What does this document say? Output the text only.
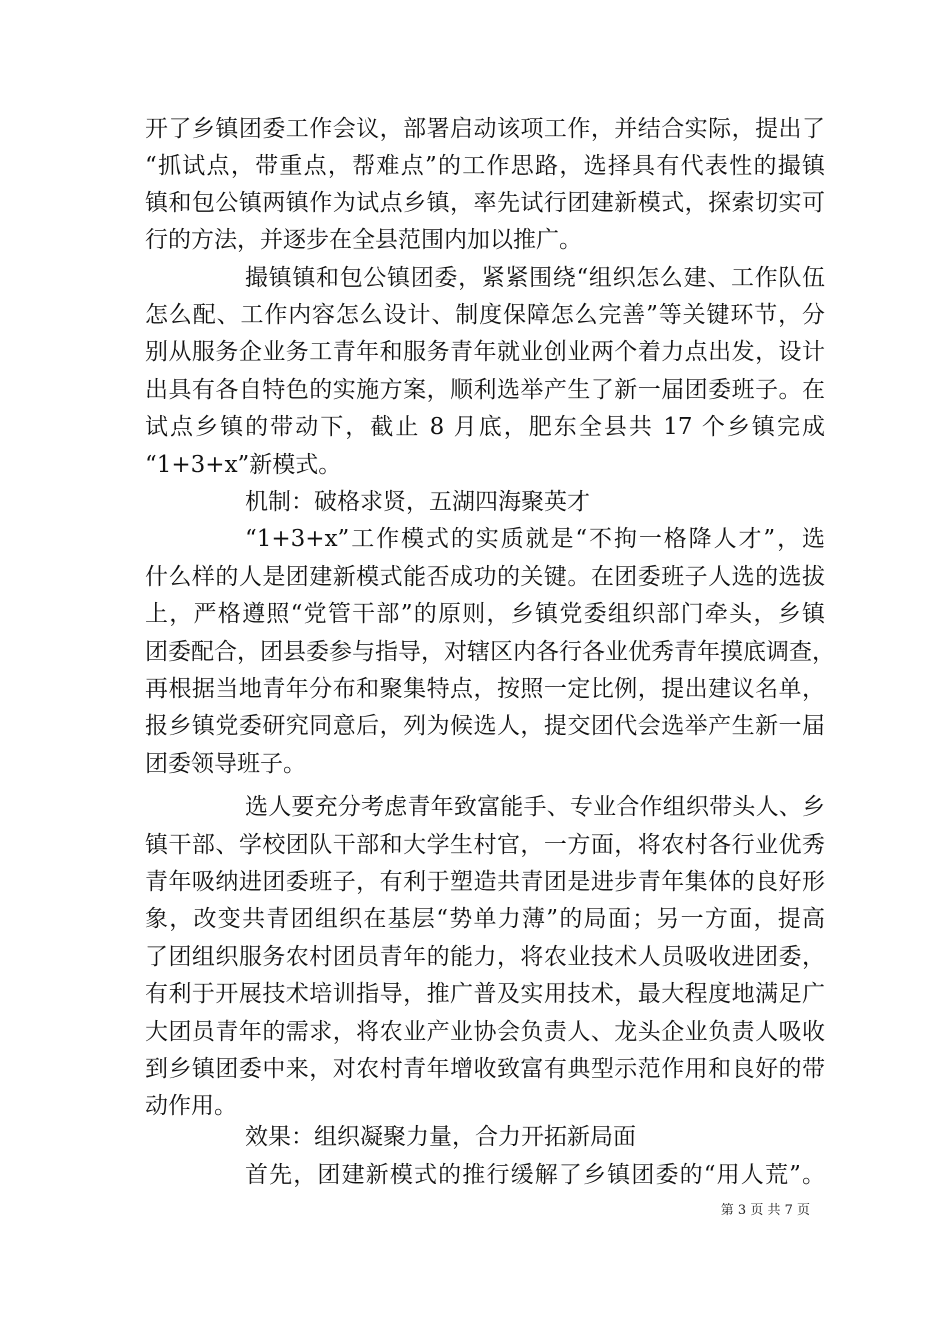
开了乡镇团委工作会议，部署启动该项工作，并结合实际，提出了
“抓试点，带重点，帮难点”的工作思路，选择具有代表性的撮镇
镇和包公镇两镇作为试点乡镇，率先试行团建新模式，探索切实可
行的方法，并逐步在全县范围内加以推广。
撮镇镇和包公镇团委，紧紧围绕“组织怎么建、工作队伍
怎么配、工作内容怎么设计、制度保障怎么完善”等关键环节，分
别从服务企业务工青年和服务青年就业创业两个着力点出发，设计
出具有各自特色的实施方案，顺利选举产生了新一届团委班子。在
试点乡镇的带动下，截止 8 月底，肥东全县共 17 个乡镇完成
“1+3+x”新模式。
机制：破格求贤，五湖四海聚英才
“1+3+x”工作模式的实质就是“不拘一格降人才”，选
什么样的人是团建新模式能否成功的关键。在团委班子人选的选拔
上，严格遵照“党管干部”的原则，乡镇党委组织部门牵头，乡镇
团委配合，团县委参与指导，对辖区内各行各业优秀青年摸底调查，
再根据当地青年分布和聚集特点，按照一定比例，提出建议名单，
报乡镇党委研究同意后，列为候选人，提交团代会选举产生新一届
团委领导班子。
选人要充分考虑青年致富能手、专业合作组织带头人、乡
镇干部、学校团队干部和大学生村官，一方面，将农村各行业优秀
青年吸纳进团委班子，有利于塑造共青团是进步青年集体的良好形
象，改变共青团组织在基层“势单力薄”的局面；另一方面，提高
了团组织服务农村团员青年的能力，将农业技术人员吸收进团委，
有利于开展技术培训指导，推广普及实用技术，最大程度地满足广
大团员青年的需求，将农业产业协会负责人、龙头企业负责人吸收
到乡镇团委中来，对农村青年增收致富有典型示范作用和良好的带
动作用。
效果：组织凝聚力量，合力开拓新局面
首先，团建新模式的推行缓解了乡镇团委的“用人荒”。
第 3 页 共 7 页
